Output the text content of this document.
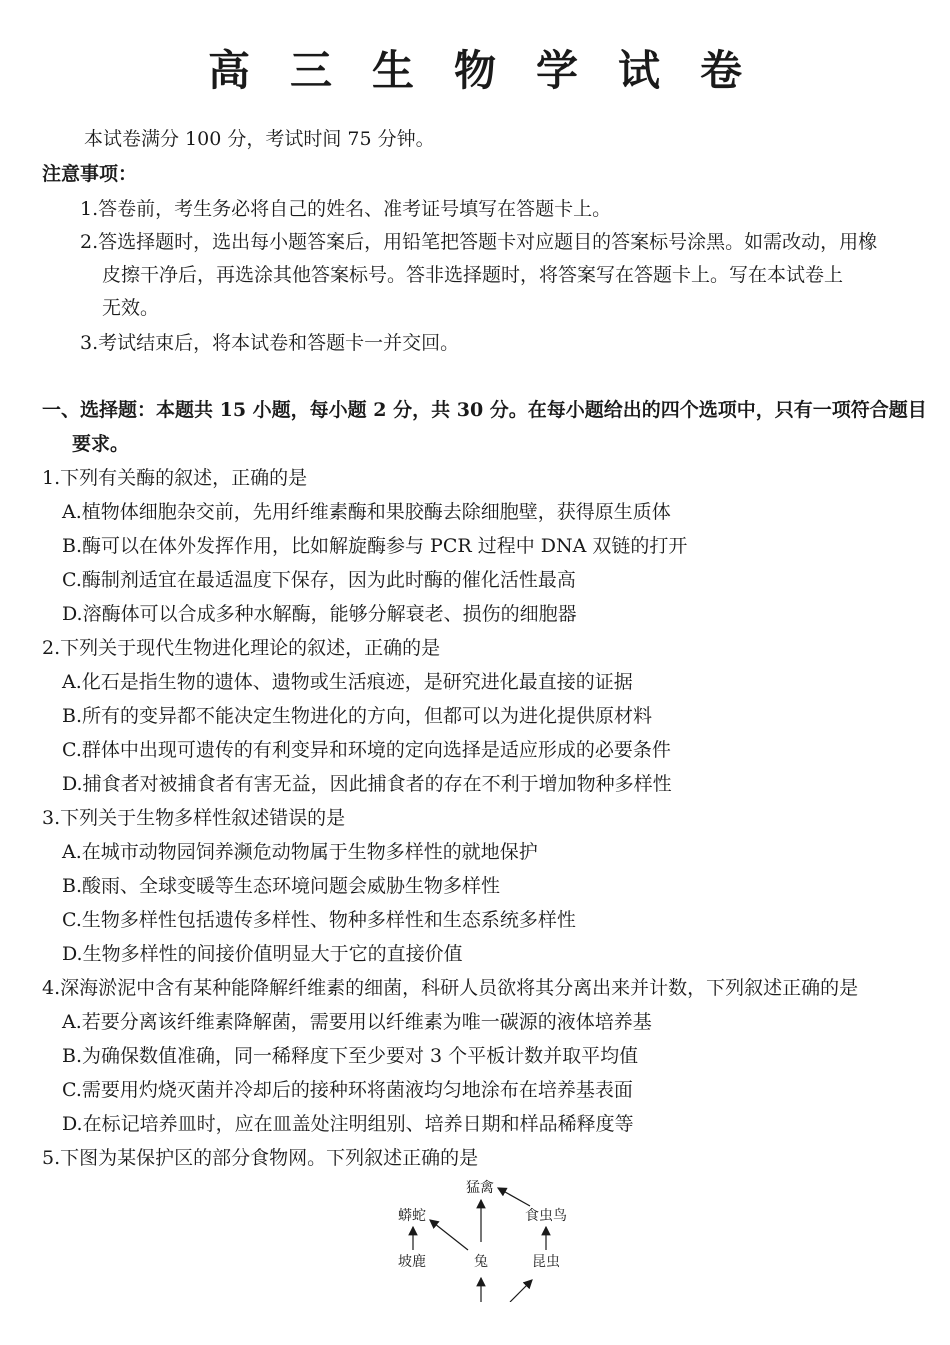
高三生物学试卷
本试卷满分 100 分，考试时间 75 分钟。
注意事项：
1.答卷前，考生务必将自己的姓名、准考证号填写在答题卡上。
2.答选择题时，选出每小题答案后，用铅笔把答题卡对应题目的答案标号涂黑。如需改动，用橡
皮擦干净后，再选涂其他答案标号。答非选择题时，将答案写在答题卡上。写在本试卷上
无效。
3.考试结束后，将本试卷和答题卡一并交回。
一、选择题：本题共 15 小题，每小题 2 分，共 30 分。在每小题给出的四个选项中，只有一项符合题目
要求。
1.下列有关酶的叙述，正确的是
A.植物体细胞杂交前，先用纤维素酶和果胶酶去除细胞壁，获得原生质体
B.酶可以在体外发挥作用，比如解旋酶参与 PCR 过程中 DNA 双链的打开
C.酶制剂适宜在最适温度下保存，因为此时酶的催化活性最高
D.溶酶体可以合成多种水解酶，能够分解衰老、损伤的细胞器
2.下列关于现代生物进化理论的叙述，正确的是
A.化石是指生物的遗体、遗物或生活痕迹，是研究进化最直接的证据
B.所有的变异都不能决定生物进化的方向，但都可以为进化提供原材料
C.群体中出现可遗传的有利变异和环境的定向选择是适应形成的必要条件
D.捕食者对被捕食者有害无益，因此捕食者的存在不利于增加物种多样性
3.下列关于生物多样性叙述错误的是
A.在城市动物园饲养濒危动物属于生物多样性的就地保护
B.酸雨、全球变暖等生态环境问题会威胁生物多样性
C.生物多样性包括遗传多样性、物种多样性和生态系统多样性
D.生物多样性的间接价值明显大于它的直接价值
4.深海淤泥中含有某种能降解纤维素的细菌，科研人员欲将其分离出来并计数，下列叙述正确的是
A.若要分离该纤维素降解菌，需要用以纤维素为唯一碳源的液体培养基
B.为确保数值准确，同一稀释度下至少要对 3 个平板计数并取平均值
C.需要用灼烧灭菌并冷却后的接种环将菌液均匀地涂布在培养基表面
D.在标记培养皿时，应在皿盖处注明组别、培养日期和样品稀释度等
5.下图为某保护区的部分食物网。下列叙述正确的是
猛禽
蟒蛇	食虫鸟
坡鹿	兔	昆虫
